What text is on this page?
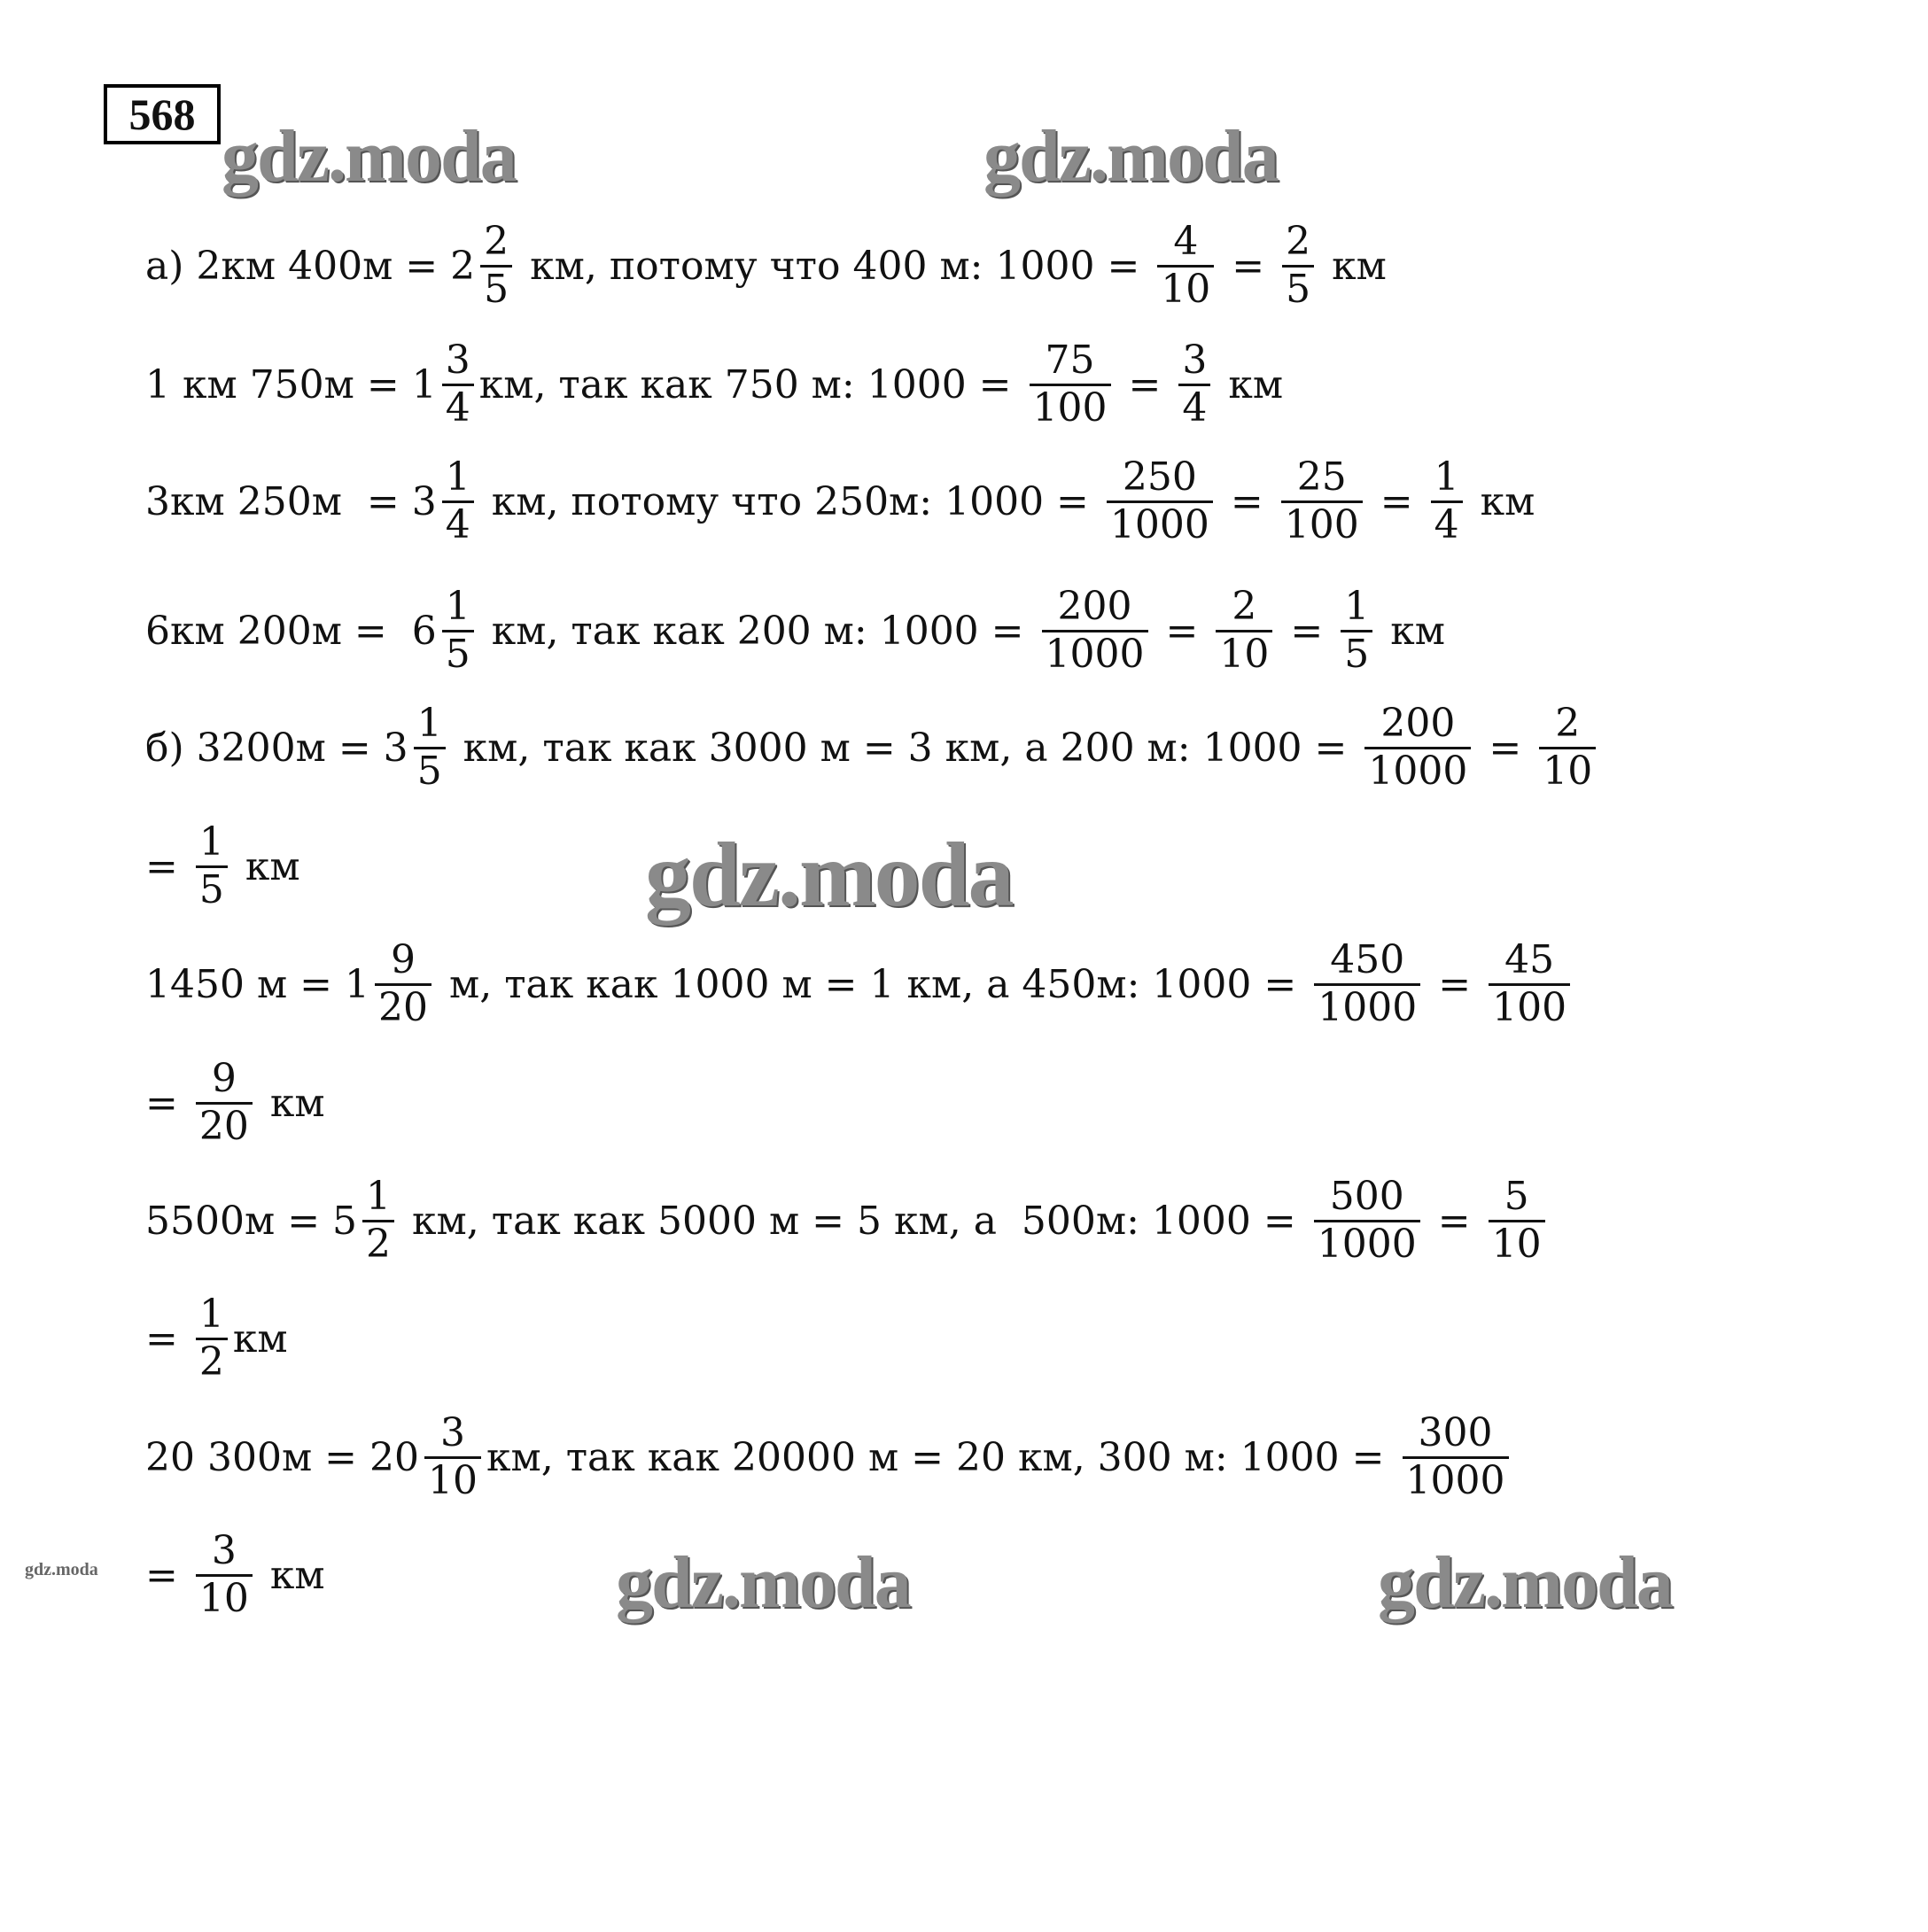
568
gdz.moda	gdz.moda
gdz.moda
gdz.moda	gdz.moda
gdz.moda
а) 2км $400м = 2 \frac{2}{5}$ км, потому что 400 м: $1000 = \frac{4}{10} = \frac{2}{5}$ км
1 км $750м = 1 \frac{3}{4}$ км, так как 750 м: $1000 = \frac{75}{100} = \frac{3}{4}$ км
3км $250м = 3 \frac{1}{4}$ км, потому что 250м: $1000 = \frac{250}{1000} = \frac{25}{100} = \frac{1}{4}$ км
6км $200м = 6 \frac{1}{5}$ км, так как 200 м: $1000 = \frac{200}{1000} = \frac{2}{10} = \frac{1}{5}$ км
б) $3200м = 3 \frac{1}{5}$ км, так как 3000 м = 3 км, а 200 м: $1000 = \frac{200}{1000} = \frac{2}{10}$
= $\frac{1}{5}$ км
1450 $м = 1 \frac{9}{20} м$, так как 1000 м = 1 км, а 450м: $1000 = \frac{450}{1000} = \frac{45}{100}$
= $\frac{9}{20}$ км
$5500м = 5 \frac{1}{2}$ км, так как 5000 м = 5 км, а  500м: $1000 = \frac{500}{1000} = \frac{5}{10}$
= $\frac{1}{2}$ км
20 $300м = 20 \frac{3}{10}$ км, так как 20000 м = 20 км, 300 м: $1000 = \frac{300}{1000}$
= $\frac{3}{10}$ км
